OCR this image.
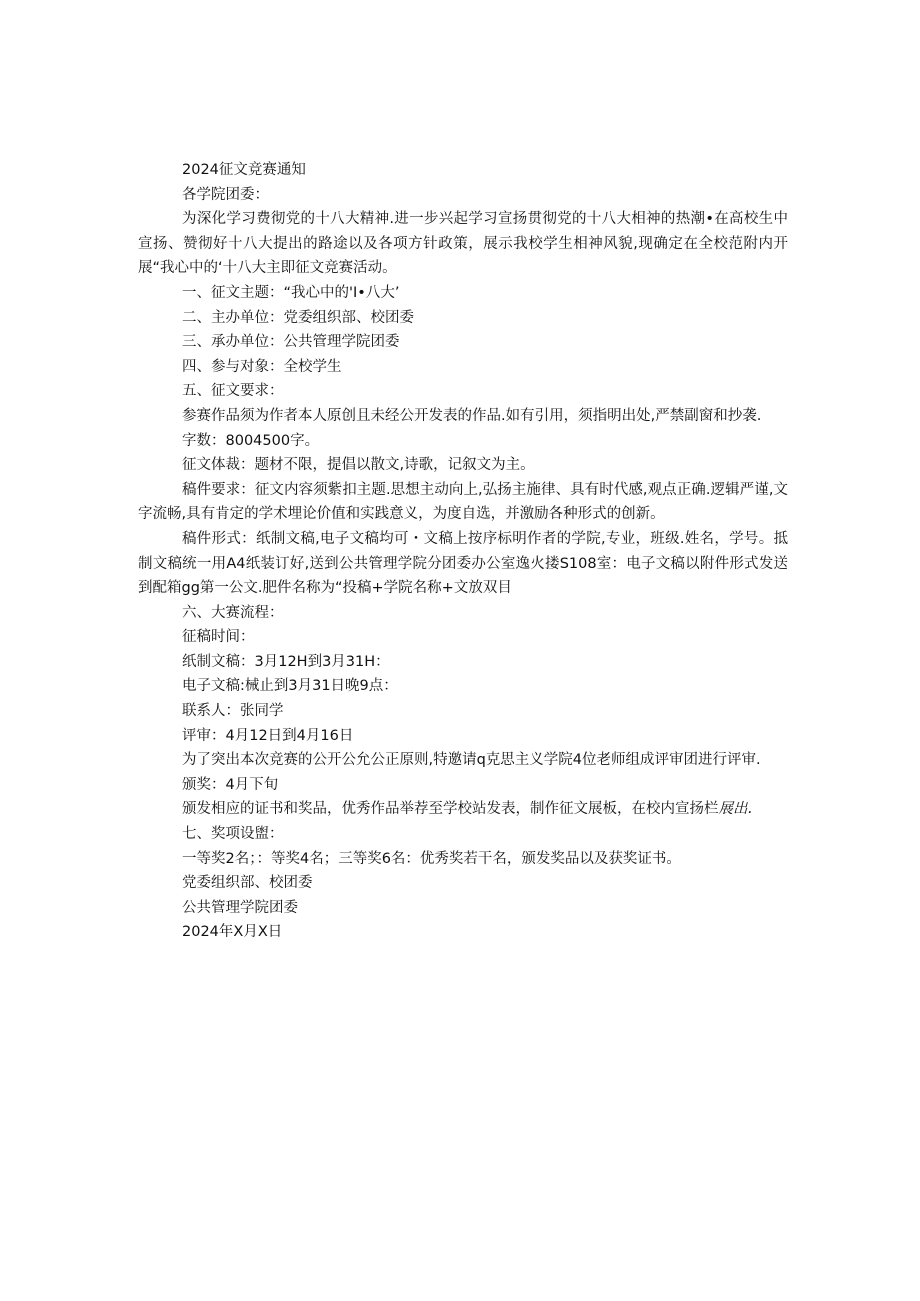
2024征文竞赛通知
各学院团委：
为深化学习费彻党的十八大精神.进一步兴起学习宣扬贯彻党的十八大相神的热潮•在高校生中宣扬、赞彻好十八大提出的路途以及各项方针政策，展示我校学生相神风貌,现确定在全校范附内开展“我心中的‘十八大主即征文竞赛活动。
一、征文主题：“我心中的'I•八大’
二、主办单位：党委组织部、校团委
三、承办单位：公共管理学院团委
四、参与对象：全校学生
五、征文要求：
参赛作品须为作者本人原创且未经公开发表的作品.如有引用，须指明出处,严禁副窗和抄袭.
字数：8004500字。
征文体裁：题材不限，提倡以散文,诗歌，记叙文为主。
稿件要求：征文内容须紫扣主题.思想主动向上,弘扬主施律、具有时代感,观点正确.逻辑严谨,文字流畅,具有肯定的学术埋论价值和实践意义，为度自选，并激励各种形式的创新。
稿件形式：纸制文稿,电子文稿均可・文稿上按序标明作者的学院,专业，班级.姓名，学号。抵制文稿统一用A4纸装订好,送到公共管理学院分团委办公室逸火搂S108室：电子文稿以附件形式发送到配箱gg第一公文.肥件名称为“投稿+学院名称+文放双目
六、大赛流程：
征稿时间：
纸制文稿：3月12H到3月31H：
电子文稿:械止到3月31日晚9点：
联系人：张同学
评审：4月12日到4月16日
为了突出本次竞赛的公开公允公正原则,特邀请q克思主义学院4位老师组成评审团进行评审.
颁奖：4月下旬
颁发相应的证书和奖品，优秀作品举荐至学校站发表，制作征文展板，在校内宣扬栏展出.
七、奖项设盥：
一等奖2名；：等奖4名；三等奖6名：优秀奖若干名，颁发奖品以及获奖证书。
党委组织部、校团委
公共管理学院团委
2024年X月X日
